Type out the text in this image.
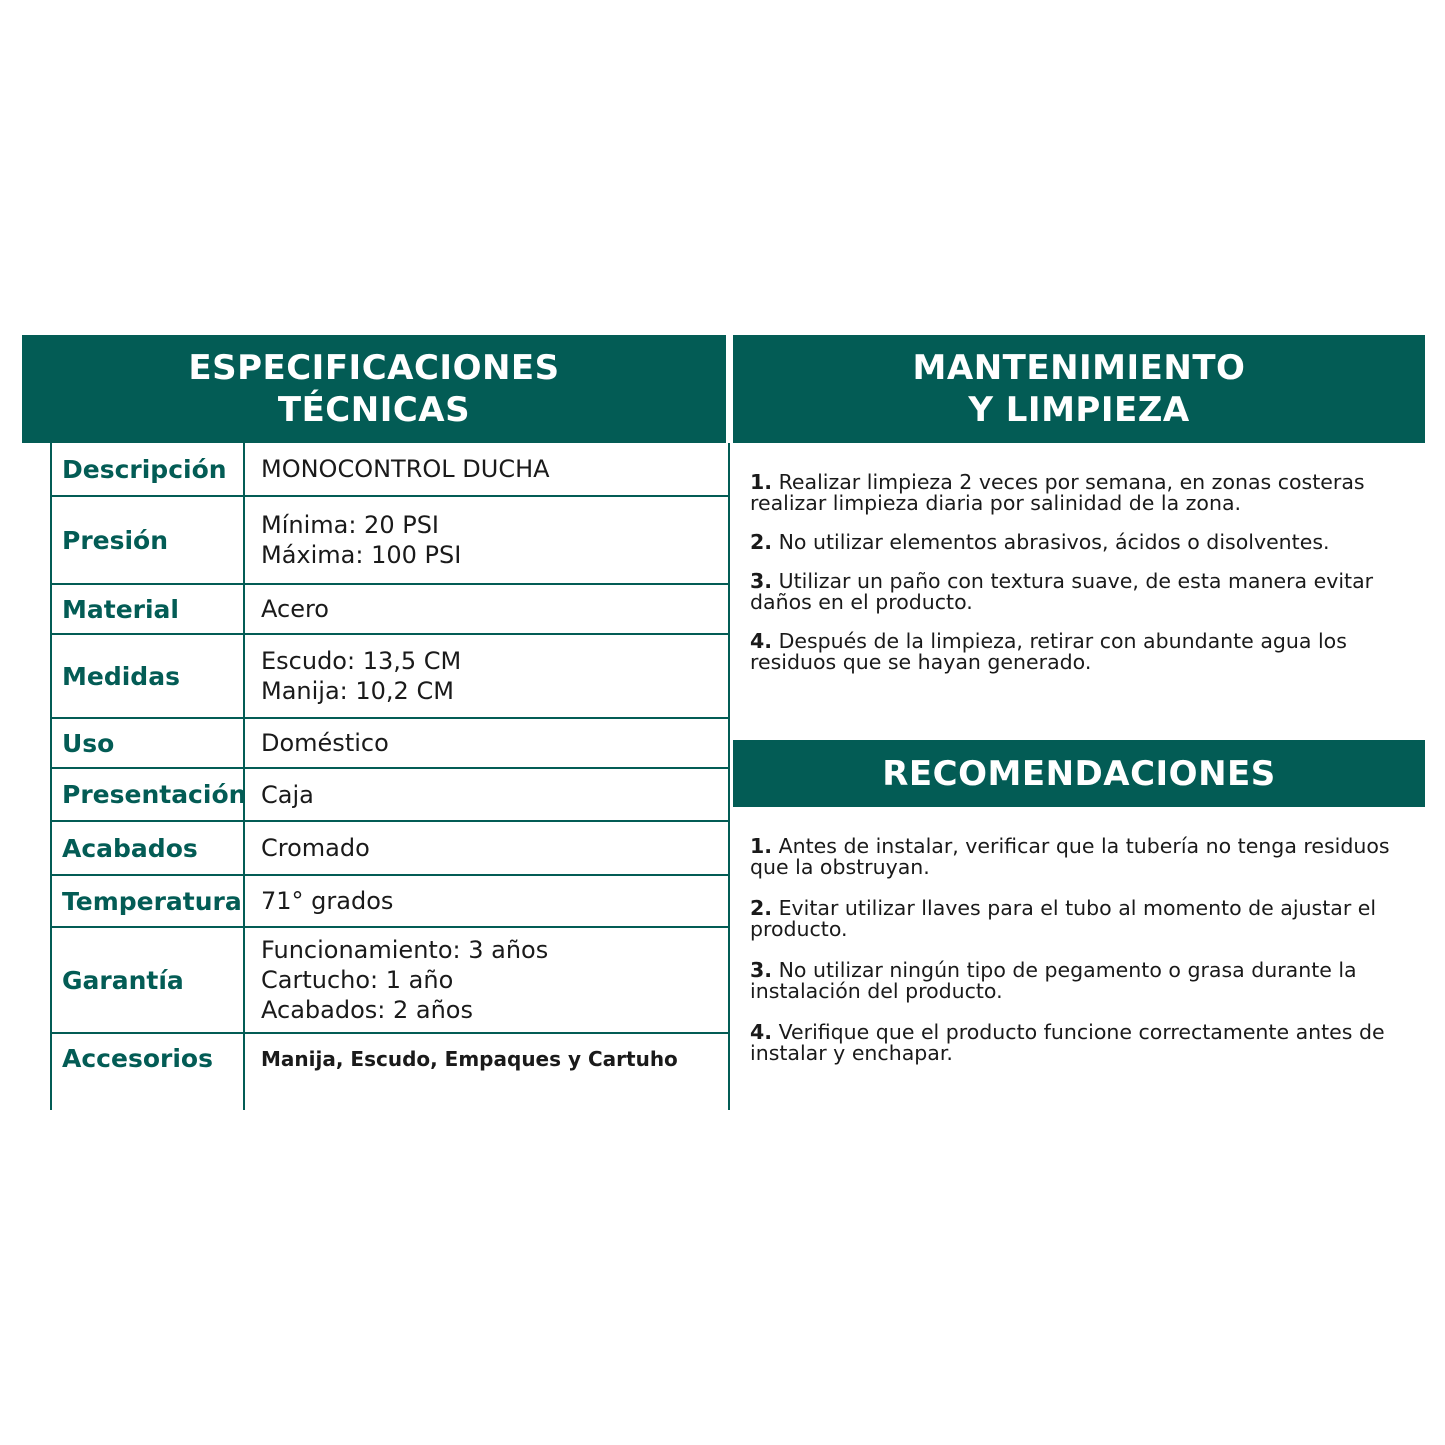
ESPECIFICACIONES
TÉCNICAS
MANTENIMIENTO
Y LIMPIEZA
Descripción	MONOCONTROL DUCHA

Presión	Mínima: 20 PSI
Máxima: 100 PSI

Material	Acero

Medidas	Escudo: 13,5 CM
Manija: 10,2 CM

Uso	Doméstico

Presentación	Caja

Acabados	Cromado

Temperatura	71° grados

Garantía	Funcionamiento: 3 años
Cartucho: 1 año
Acabados: 2 años

Accesorios	Manija, Escudo, Empaques y Cartuho
1. Realizar limpieza 2 veces por semana, en zonas costeras realizar limpieza diaria por salinidad de la zona.
2. No utilizar elementos abrasivos, ácidos o disolventes.
3. Utilizar un paño con textura suave, de esta manera evitar daños en el producto.
4. Después de la limpieza, retirar con abundante agua los residuos que se hayan generado.
RECOMENDACIONES
1. Antes de instalar, verificar que la tubería no tenga residuos que la obstruyan.
2. Evitar utilizar llaves para el tubo al momento de ajustar el producto.
3. No utilizar ningún tipo de pegamento o grasa durante la instalación del producto.
4. Verifique que el producto funcione correctamente antes de instalar y enchapar.
